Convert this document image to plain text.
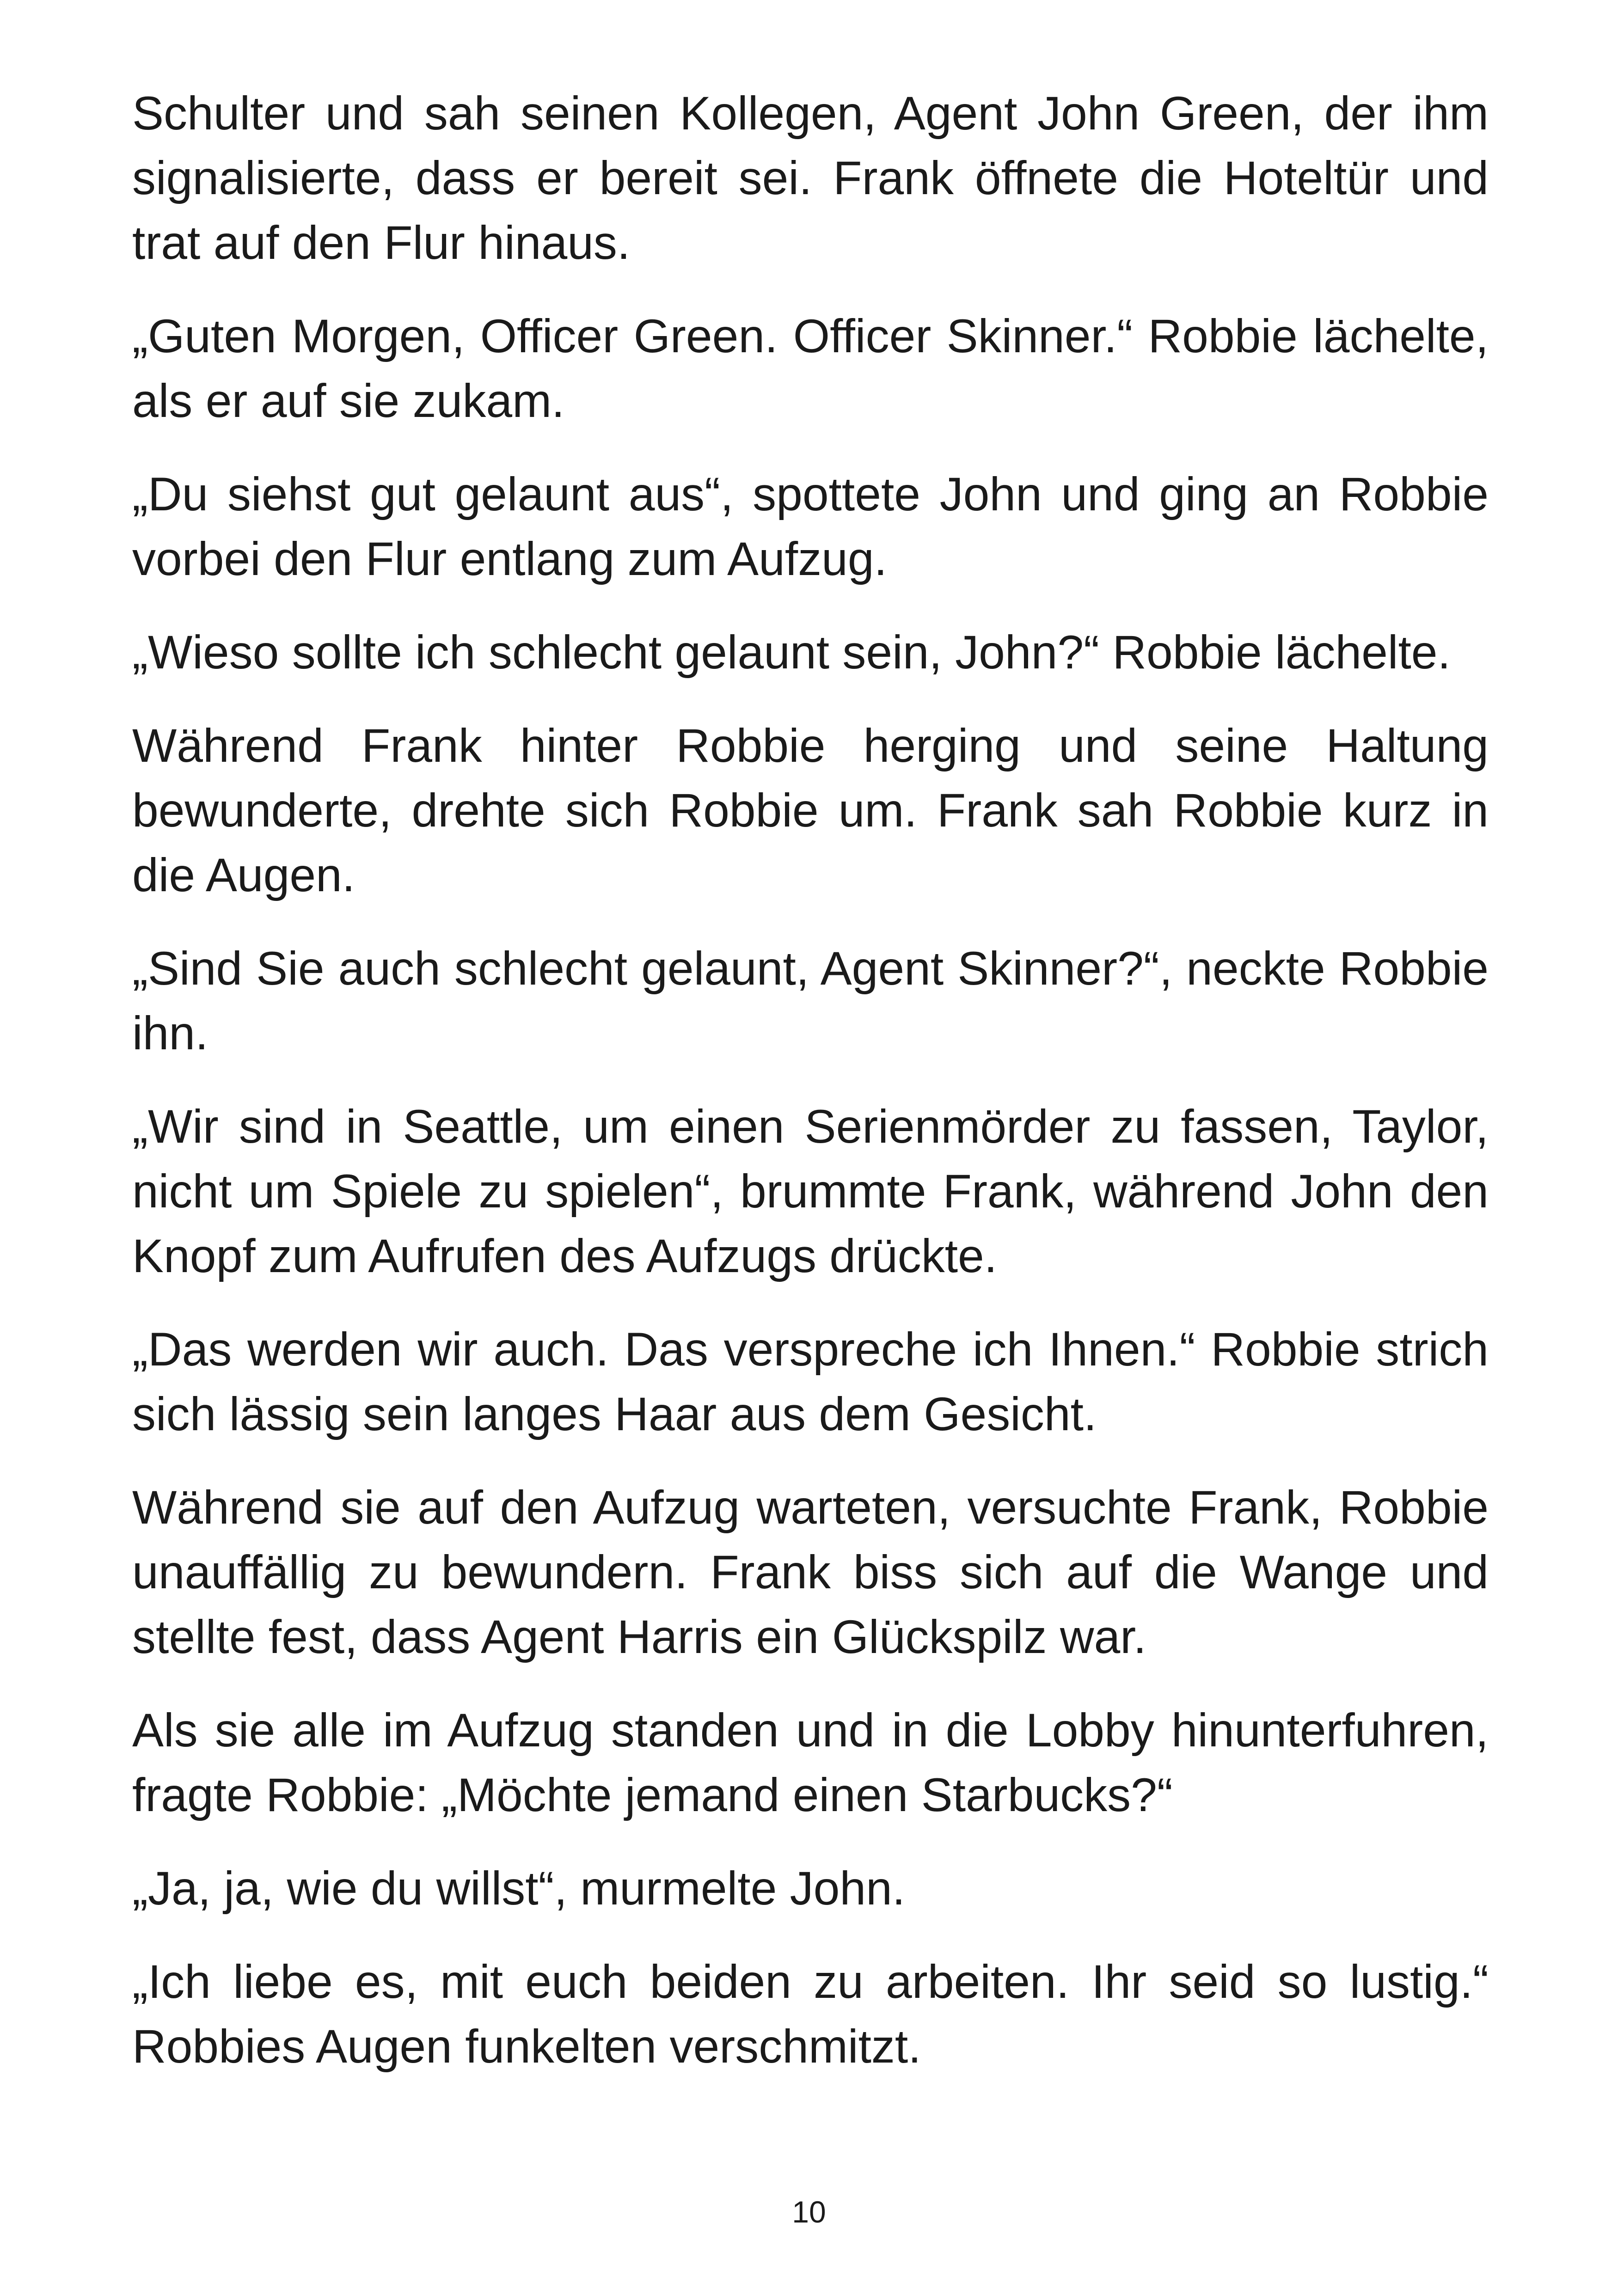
Schulter und sah seinen Kollegen, Agent John Green, der ihm signalisierte, dass er bereit sei. Frank öffnete die Hoteltür und trat auf den Flur hinaus.

„Guten Morgen, Officer Green. Officer Skinner.“ Robbie lächelte, als er auf sie zukam.

„Du siehst gut gelaunt aus“, spottete John und ging an Robbie vorbei den Flur entlang zum Aufzug.

„Wieso sollte ich schlecht gelaunt sein, John?“ Robbie lächelte.

Während Frank hinter Robbie herging und seine Haltung bewunderte, drehte sich Robbie um. Frank sah Robbie kurz in die Augen.

„Sind Sie auch schlecht gelaunt, Agent Skinner?“, neckte Robbie ihn.

„Wir sind in Seattle, um einen Serienmörder zu fassen, Taylor, nicht um Spiele zu spielen“, brummte Frank, während John den Knopf zum Aufrufen des Aufzugs drückte.

„Das werden wir auch. Das verspreche ich Ihnen.“ Robbie strich sich lässig sein langes Haar aus dem Gesicht.

Während sie auf den Aufzug warteten, versuchte Frank, Robbie unauffällig zu bewundern. Frank biss sich auf die Wange und stellte fest, dass Agent Harris ein Glückspilz war.

Als sie alle im Aufzug standen und in die Lobby hinunterfuhren, fragte Robbie: „Möchte jemand einen Starbucks?“

„Ja, ja, wie du willst“, murmelte John.

„Ich liebe es, mit euch beiden zu arbeiten. Ihr seid so lustig.“ Robbies Augen funkelten verschmitzt.

10
